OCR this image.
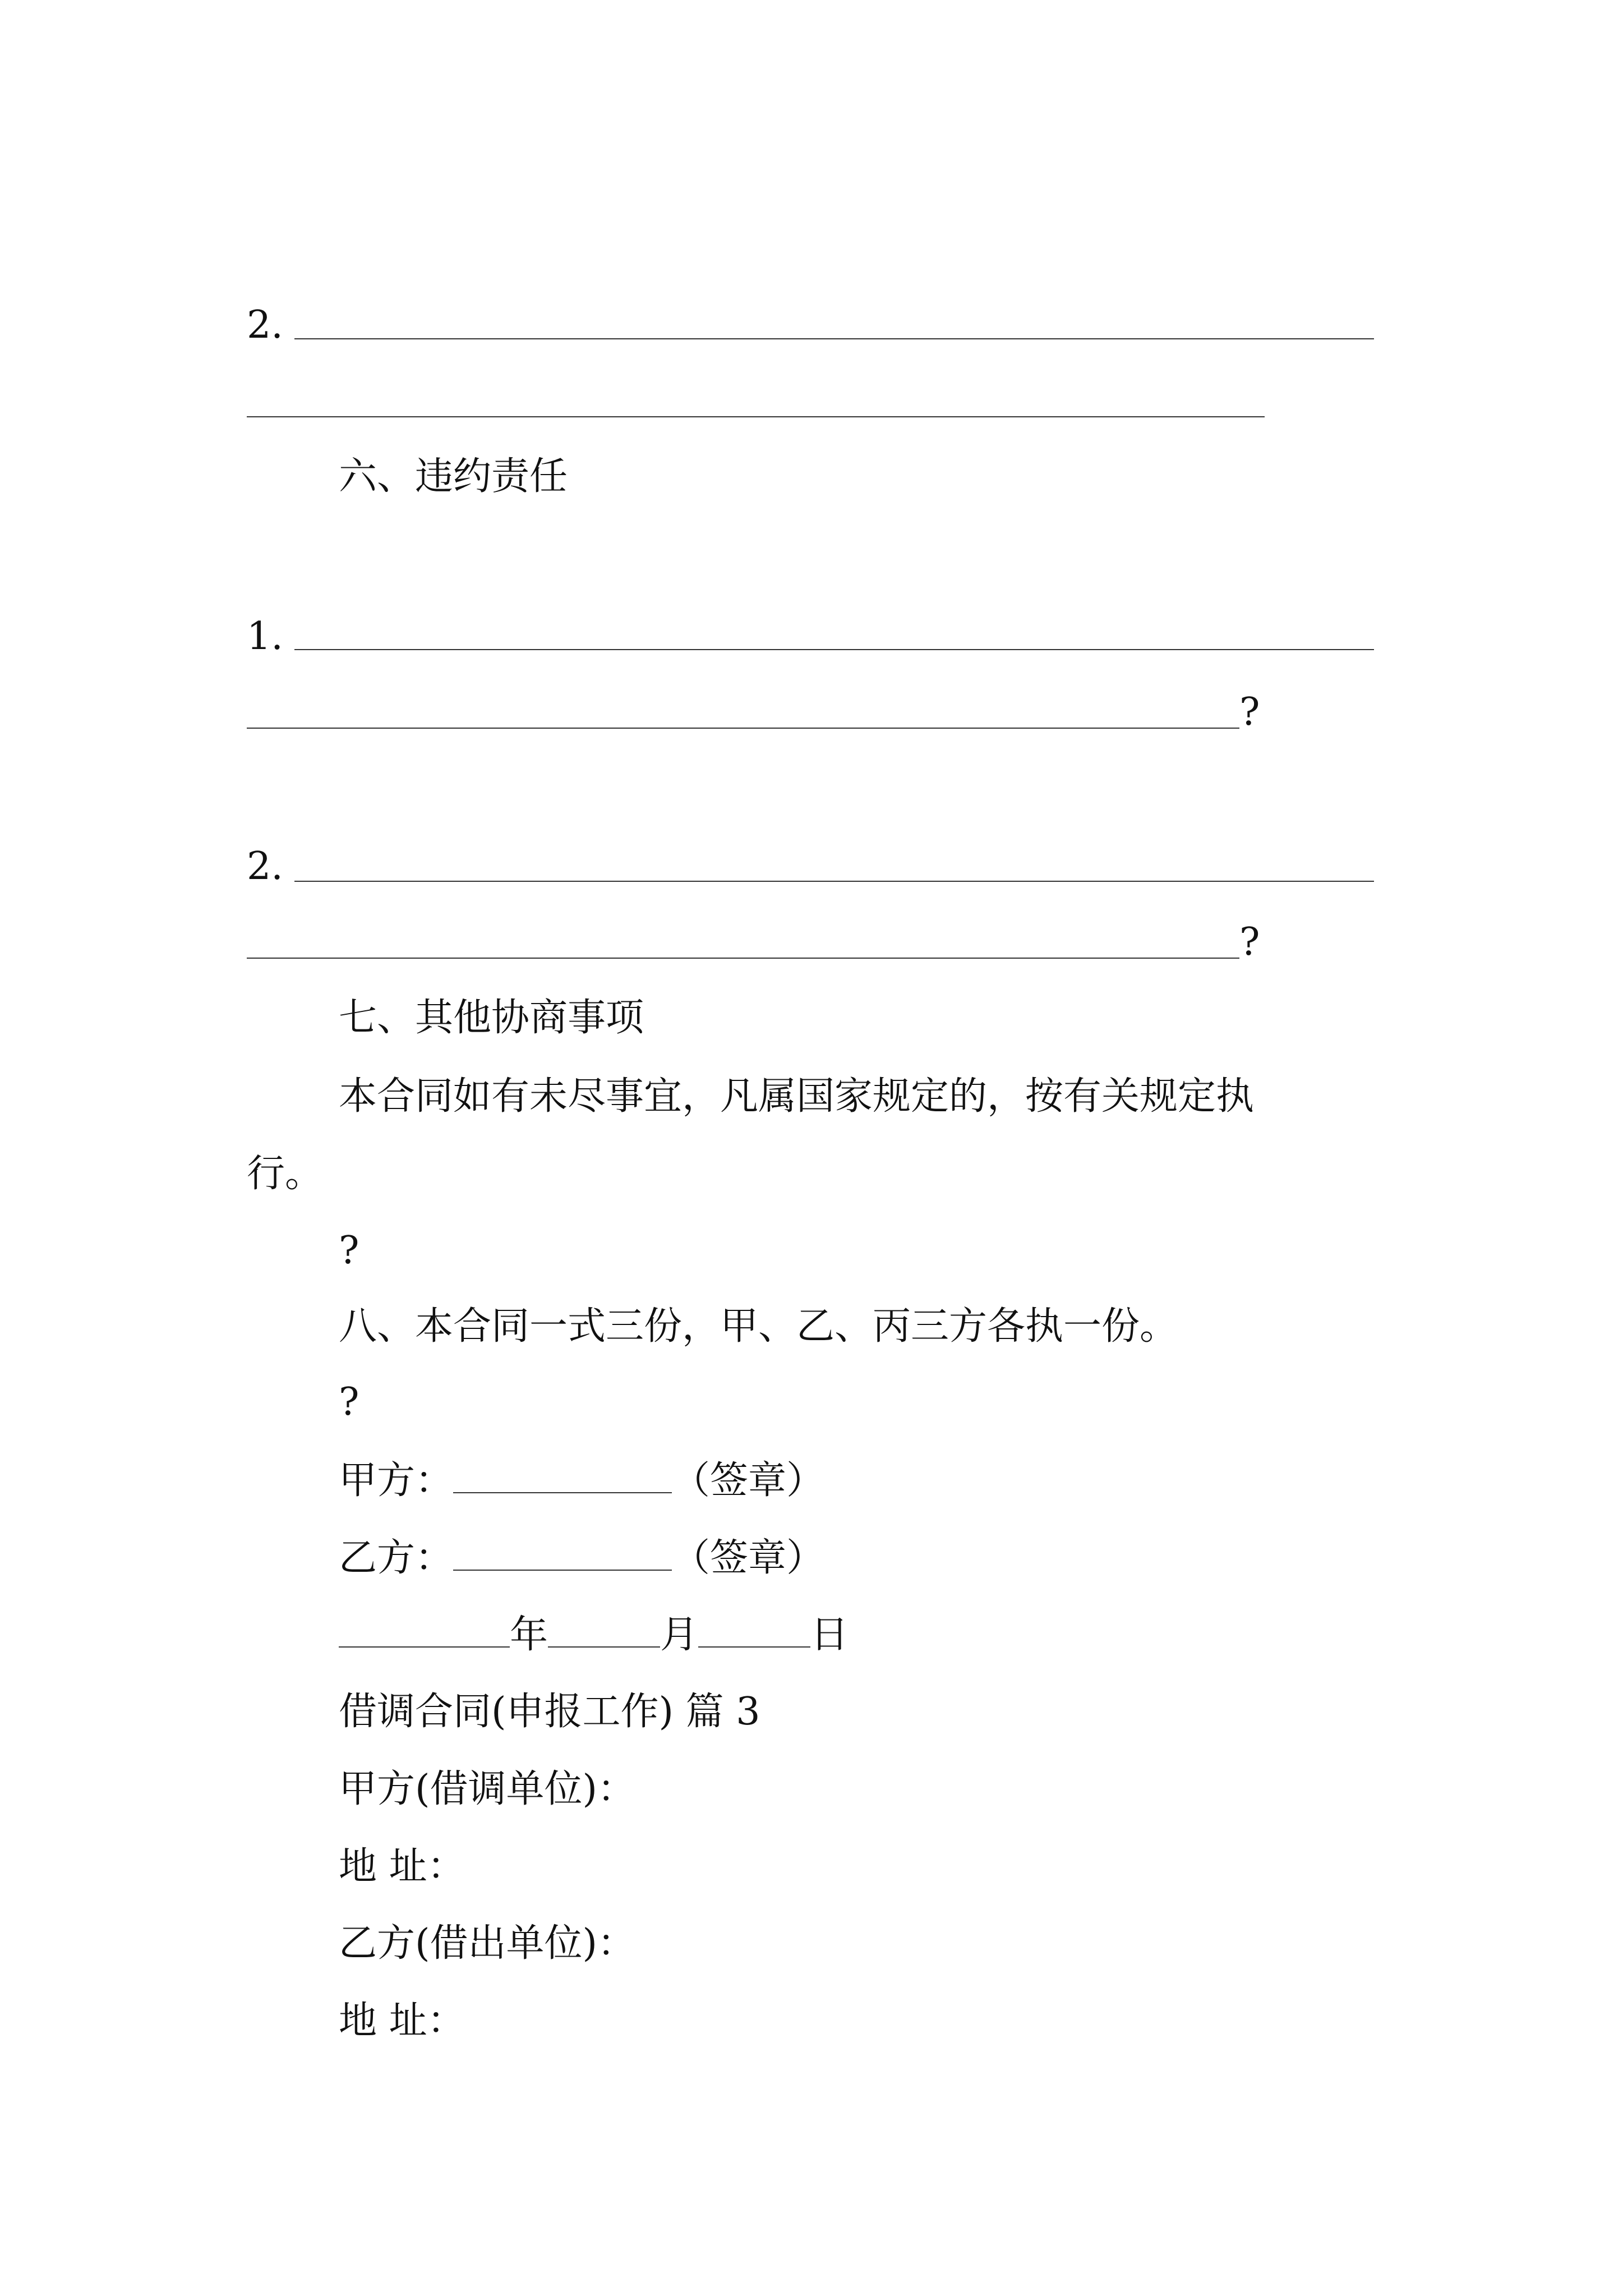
2.
六、违约责任
1.
?
2.
?
七、其他协商事项
本合同如有未尽事宜，凡属国家规定的，按有关规定执
行。
?
八、本合同一式三份，甲、乙、丙三方各执一份。
?
甲方：	（签章）
乙方：	（签章）
年	月	日
借调合同(申报工作) 篇 3
甲方(借调单位)：
地 址：
乙方(借出单位)：
地 址：
